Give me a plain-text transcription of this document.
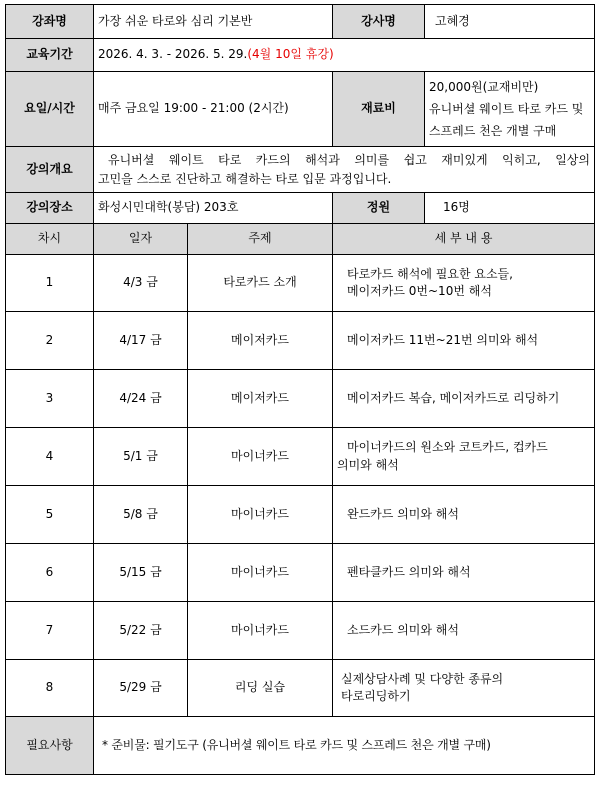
강좌명	가장 쉬운 타로와 심리 기본반		강사명	고혜경
교육기간	2026. 4. 3. - 2026. 5. 29.(4월 10일 휴강)			
요일/시간	매주 금요일 19:00 - 21:00 (2시간)		재료비	20,000원(교재비만)
유니버셜 웨이트 타로 카드 및
스프레드 천은 개별 구매

강의개요	유니버셜 웨이트 타로 카드의 해석과 의미를 쉽고 재미있게 익히고, 일상의
고민을 스스로 진단하고 해결하는 타로 입문 과정입니다.			

강의장소	화성시민대학(봉담) 203호		정원	16명
차시	일자	주제	세 부 내 용	
1	4/3 금	타로카드 소개	타로카드 해석에 필요한 요소들,
메이저카드 0번~10번 해석	

2	4/17 금	메이저카드	메이저카드 11번~21번 의미와 해석	

3	4/24 금	메이저카드	메이저카드 복습, 메이저카드로 리딩하기	

4	5/1 금	마이너카드	마이너카드의 원소와 코트카드, 컵카드
의미와 해석	

5	5/8 금	마이너카드	완드카드 의미와 해석	

6	5/15 금	마이너카드	펜타클카드 의미와 해석	

7	5/22 금	마이너카드	소드카드 의미와 해석	

8	5/29 금	리딩 실습	실제상담사례 및 다양한 종류의
타로리딩하기	

필요사항	* 준비물: 필기도구 (유니버셜 웨이트 타로 카드 및 스프레드 천은 개별 구매)			
